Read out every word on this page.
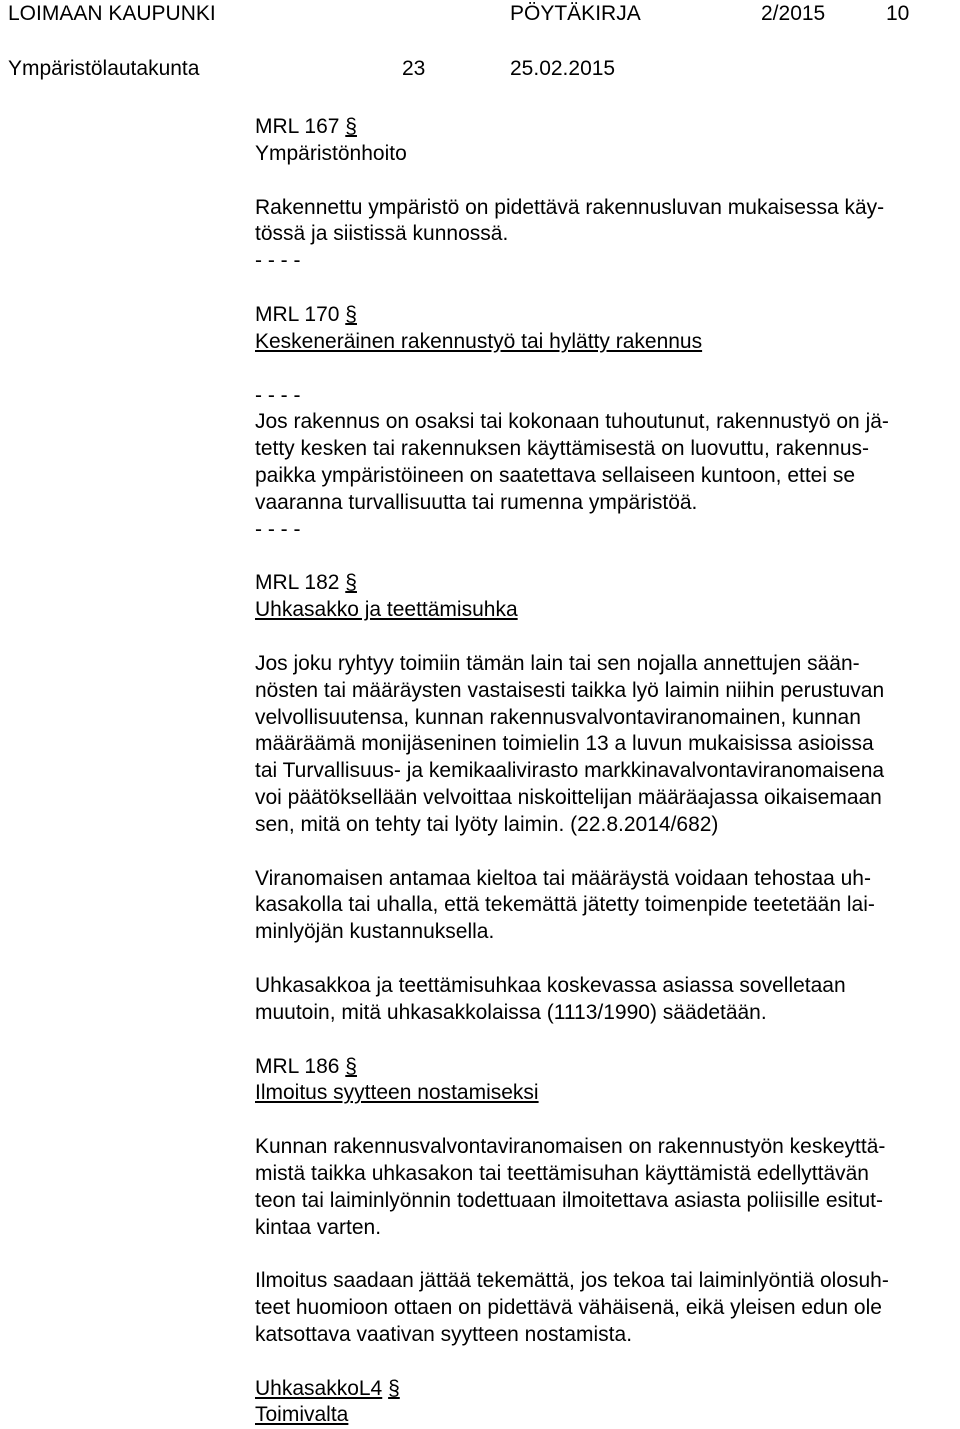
LOIMAAN KAUPUNKI	PÖYTÄKIRJA	2/2015	10
Ympäristölautakunta	23	25.02.2015

MRL 167 §

Ympäristönhoito

Rakennettu ympäristö on pidettävä rakennusluvan mukaisessa käy-

tössä ja siistissä kunnossä.

- - - -

MRL 170 §

Keskeneräinen rakennustyö tai hylätty rakennus

- - - -

Jos rakennus on osaksi tai kokonaan tuhoutunut, rakennustyö on jä-

tetty kesken tai rakennuksen käyttämisestä on luovuttu, rakennus-

paikka ympäristöineen on saatettava sellaiseen kuntoon, ettei se

vaaranna turvallisuutta tai rumenna ympäristöä.

- - - -

MRL 182 §

Uhkasakko ja teettämisuhka

Jos joku ryhtyy toimiin tämän lain tai sen nojalla annettujen sään-

nösten tai määräysten vastaisesti taikka lyö laimin niihin perustuvan

velvollisuutensa, kunnan rakennusvalvontaviranomainen, kunnan

määräämä monijäseninen toimielin 13 a luvun mukaisissa asioissa

tai Turvallisuus- ja kemikaalivirasto markkinavalvontaviranomaisena

voi päätöksellään velvoittaa niskoittelijan määräajassa oikaisemaan

sen, mitä on tehty tai lyöty laimin. (22.8.2014/682)

Viranomaisen antamaa kieltoa tai määräystä voidaan tehostaa uh-

kasakolla tai uhalla, että tekemättä jätetty toimenpide teetetään lai-

minlyöjän kustannuksella.

Uhkasakkoa ja teettämisuhkaa koskevassa asiassa sovelletaan

muutoin, mitä uhkasakkolaissa (1113/1990) säädetään.

MRL 186 §

Ilmoitus syytteen nostamiseksi

Kunnan rakennusvalvontaviranomaisen on rakennustyön keskeyttä-

mistä taikka uhkasakon tai teettämisuhan käyttämistä edellyttävän

teon tai laiminlyönnin todettuaan ilmoitettava asiasta poliisille esitut-

kintaa varten.

Ilmoitus saadaan jättää tekemättä, jos tekoa tai laiminlyöntiä olosuh-

teet huomioon ottaen on pidettävä vähäisenä, eikä yleisen edun ole

katsottava vaativan syytteen nostamista.

UhkasakkoL4 §

Toimivalta
